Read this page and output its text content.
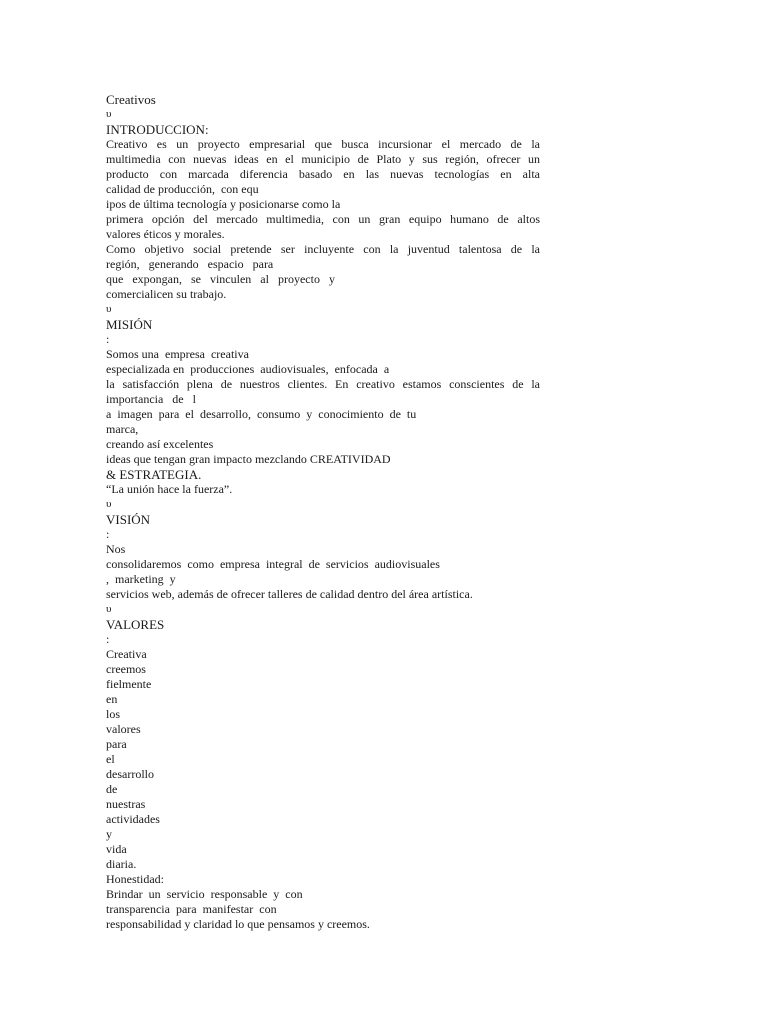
Creativos
υ
INTRODUCCION:
Creativo es un proyecto empresarial que busca incursionar el mercado de la
multimedia con nuevas ideas en el municipio de Plato y sus región, ofrecer un
producto con marcada diferencia basado en las nuevas tecnologías en alta
calidad de producción,  con equ
ipos de última tecnología y posicionarse como la
primera opción del mercado multimedia, con un gran equipo humano de altos
valores éticos y morales.
Como objetivo social pretende ser incluyente con la juventud talentosa de la
región,   generando   espacio   para
que   expongan,   se   vinculen   al   proyecto   y
comercialicen su trabajo.
υ
MISIÓN
:
Somos una  empresa  creativa
especializada en  producciones  audiovisuales,  enfocada  a
la satisfacción plena de nuestros clientes. En creativo estamos conscientes de la
importancia   de   l
a  imagen  para  el  desarrollo,  consumo  y  conocimiento  de  tu
marca,
creando así excelentes
ideas que tengan gran impacto mezclando CREATIVIDAD
& ESTRATEGIA.
“La unión hace la fuerza”.
υ
VISIÓN
:
Nos
consolidaremos  como  empresa  integral  de  servicios  audiovisuales
,  marketing  y
servicios web, además de ofrecer talleres de calidad dentro del área artística.
υ
VALORES
:
Creativa
creemos
fielmente
en
los
valores
para
el
desarrollo
de
nuestras
actividades
y
vida
diaria.
Honestidad:
Brindar  un  servicio  responsable  y  con
transparencia  para  manifestar  con
responsabilidad y claridad lo que pensamos y creemos.
